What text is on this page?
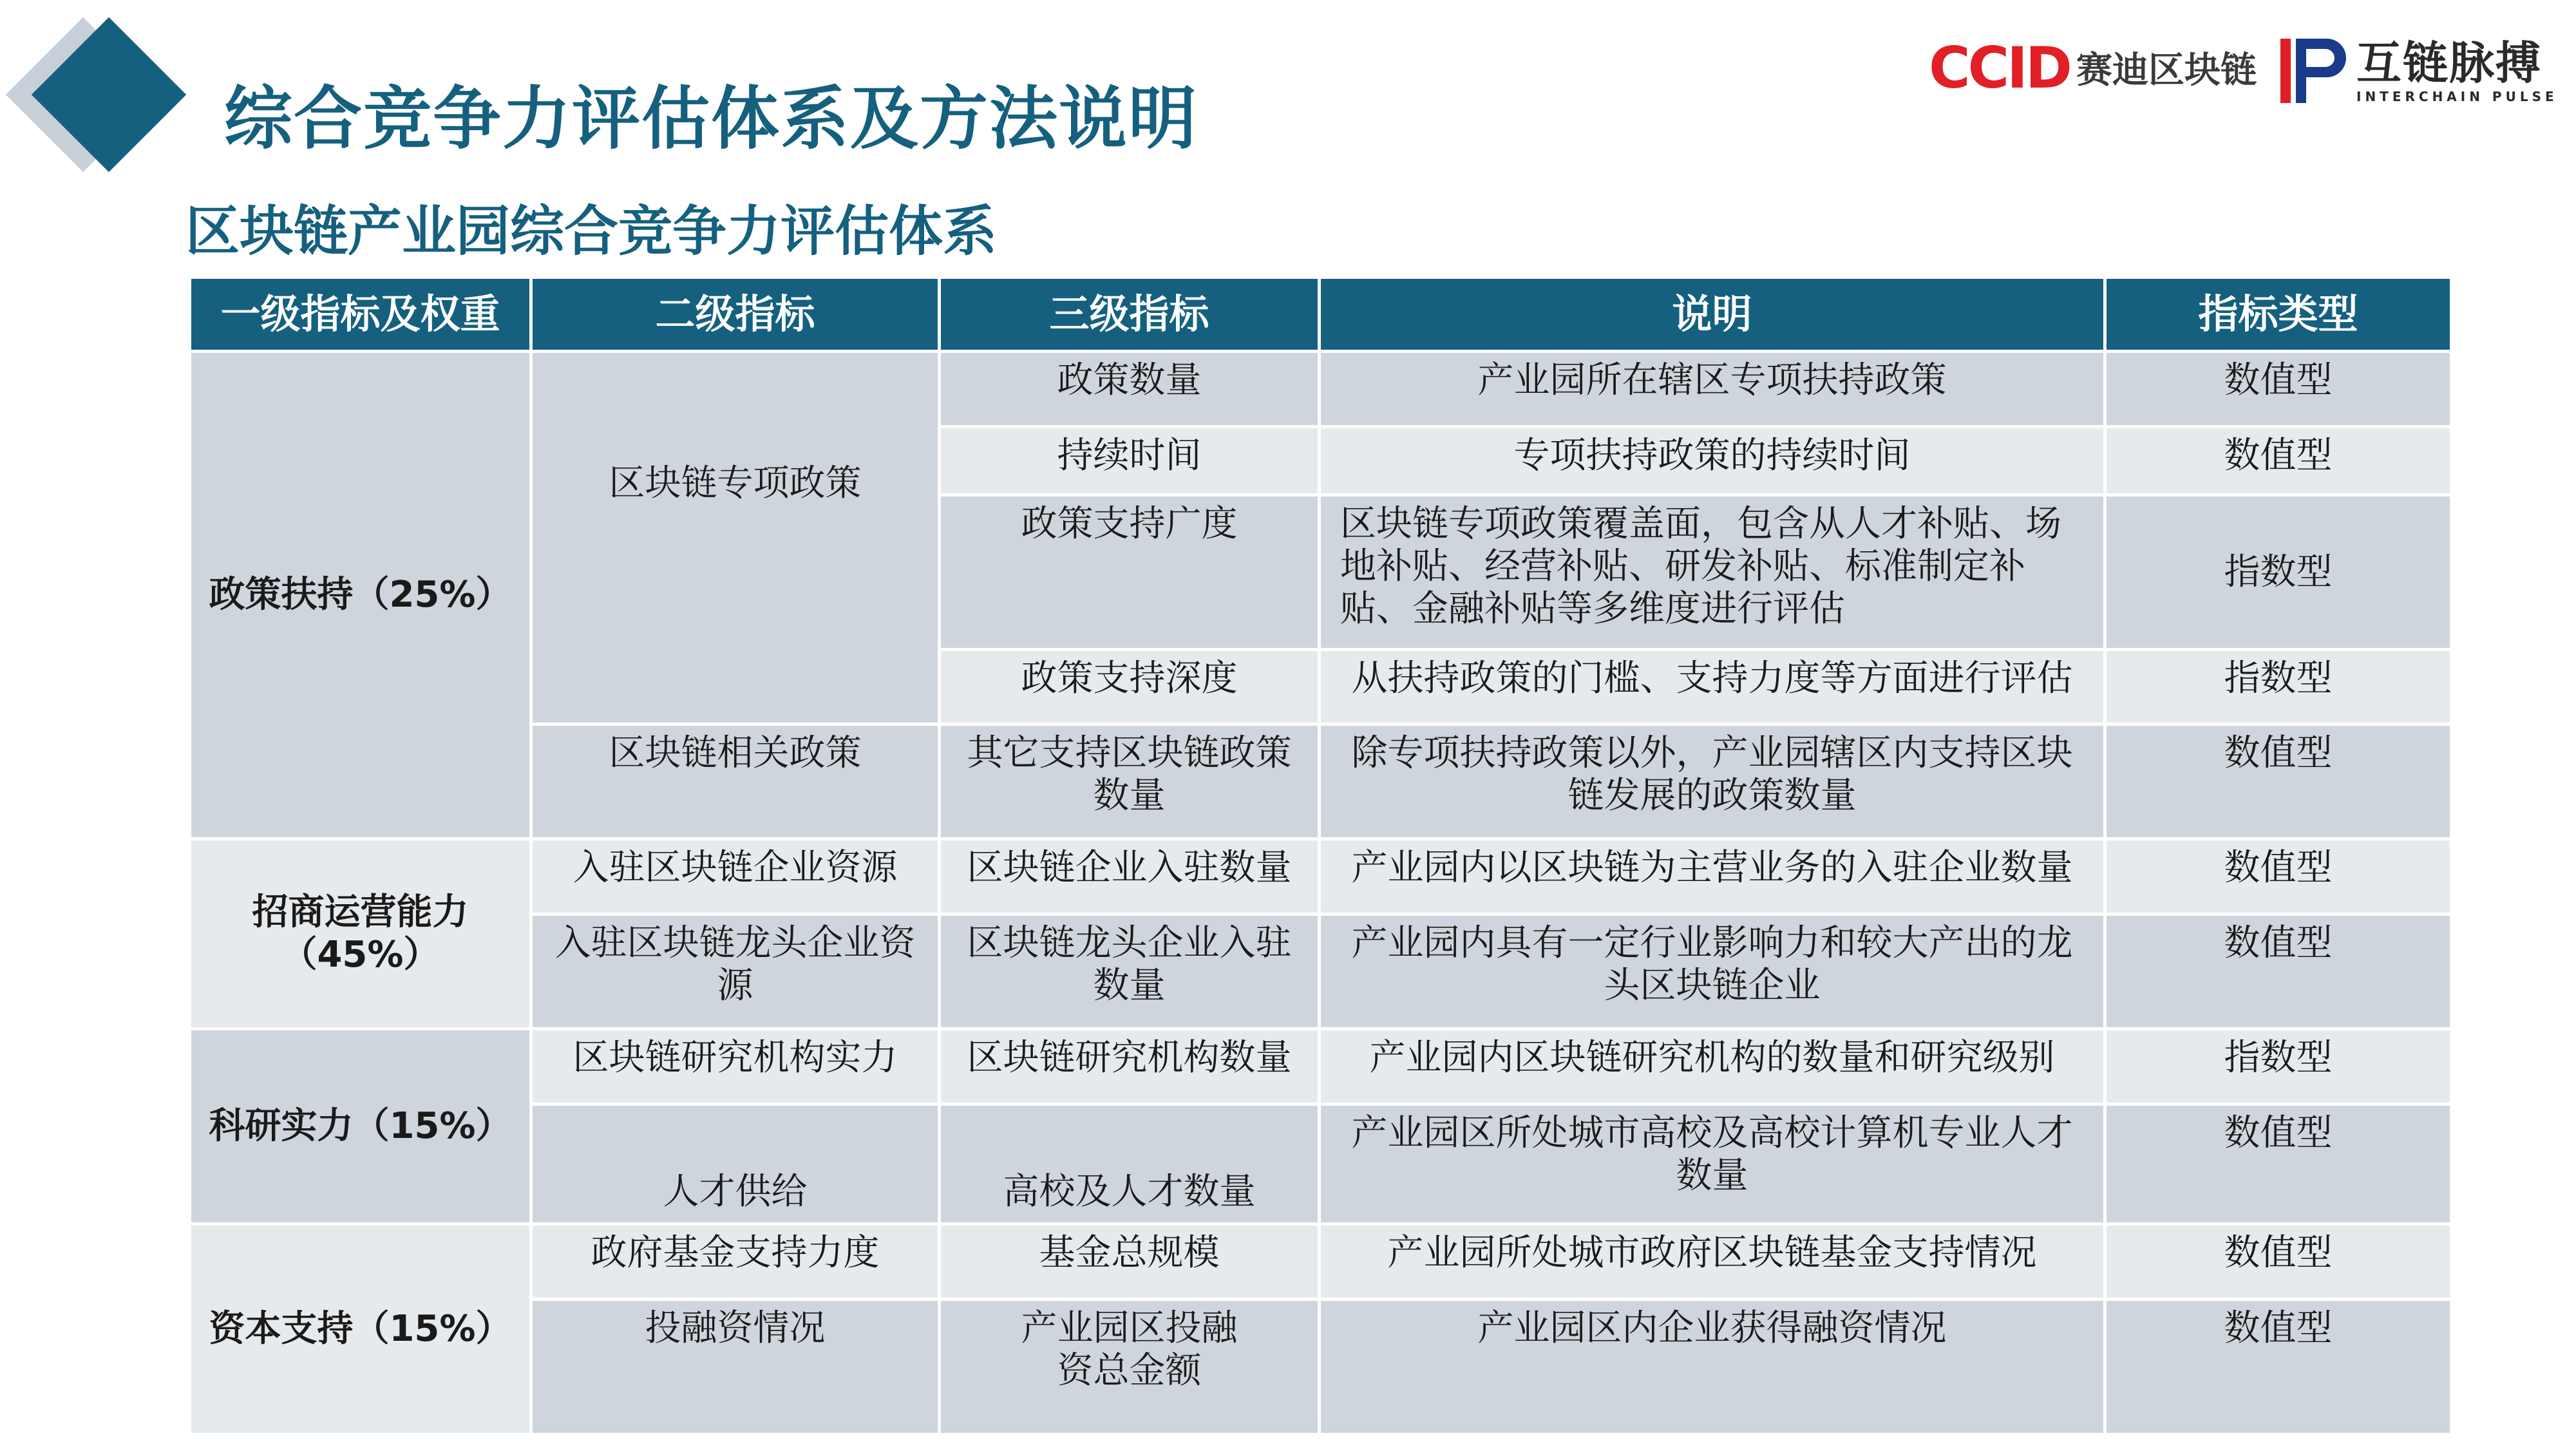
综合竞争力评估体系及方法说明
区块链产业园综合竞争力评估体系
CCID 赛迪区块链 互链脉搏
INTERCHAIN PULSE
一级指标及权重	二级指标	三级指标	说明	指标类型
政策扶持（25%）	区块链专项政策	政策数量	产业园所在辖区专项扶持政策	数值型
		持续时间	专项扶持政策的持续时间	数值型
		政策支持广度	区块链专项政策覆盖面，包含从人才补贴、场地补贴、经营补贴、研发补贴、标准制定补贴、金融补贴等多维度进行评估	指数型
		政策支持深度	从扶持政策的门槛、支持力度等方面进行评估	指数型
	区块链相关政策	其它支持区块链政策数量	除专项扶持政策以外，产业园辖区内支持区块链发展的政策数量	数值型
招商运营能力（45%）	入驻区块链企业资源	区块链企业入驻数量	产业园内以区块链为主营业务的入驻企业数量	数值型
	入驻区块链龙头企业资源	区块链龙头企业入驻数量	产业园内具有一定行业影响力和较大产出的龙头区块链企业	数值型
科研实力（15%）	区块链研究机构实力	区块链研究机构数量	产业园内区块链研究机构的数量和研究级别	指数型
	人才供给	高校及人才数量	产业园区所处城市高校及高校计算机专业人才数量	数值型
资本支持（15%）	政府基金支持力度	基金总规模	产业园所处城市政府区块链基金支持情况	数值型
	投融资情况	产业园区投融资总金额	产业园区内企业获得融资情况	数值型
